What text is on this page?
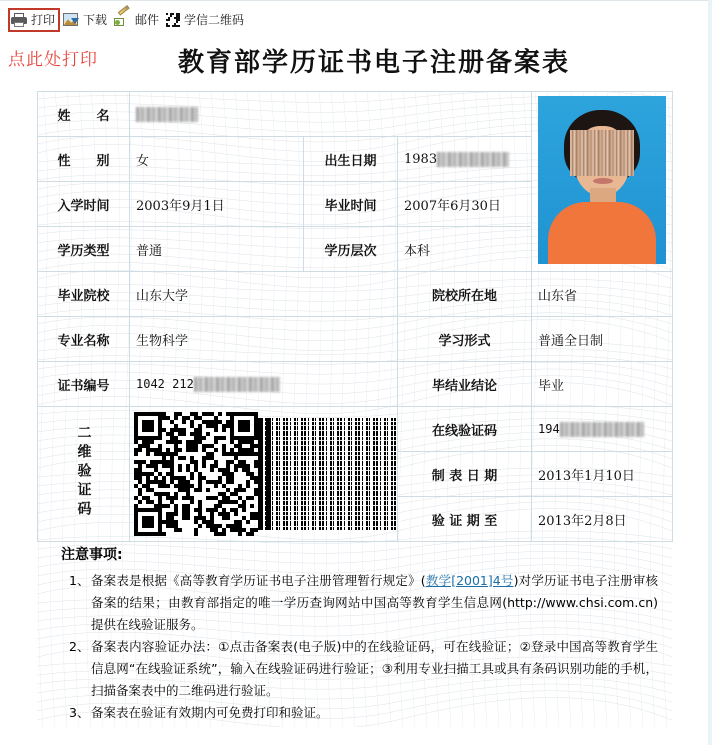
打印 下载 邮件 学信二维码
点此处打印	教育部学历证书电子注册备案表
姓　　名				

性　　别	女	出生日期	1983	
入学时间	2003年9月1日	毕业时间	2007年6月30日	
学历类型	普通	学历层次	本科	
毕业院校	山东大学		院校所在地	山东省
专业名称	生物科学		学习形式	普通全日制
证书编号	1042 212		毕结业结论	毕业
二维验证码			在线验证码	194
			制 表 日 期	2013年1月10日
			验 证 期 至	2013年2月8日
注意事项:
1、 备案表是根据《高等教育学历证书电子注册管理暂行规定》(教学[2001]4号)对学历证书电子注册审核备案的结果；由教育部指定的唯一学历查询网站中国高等教育学生信息网(http://www.chsi.com.cn)提供在线验证服务。
2、 备案表内容验证办法：①点击备案表(电子版)中的在线验证码，可在线验证；②登录中国高等教育学生信息网“在线验证系统”，输入在线验证码进行验证；③利用专业扫描工具或具有条码识别功能的手机，扫描备案表中的二维码进行验证。
3、 备案表在验证有效期内可免费打印和验证。
